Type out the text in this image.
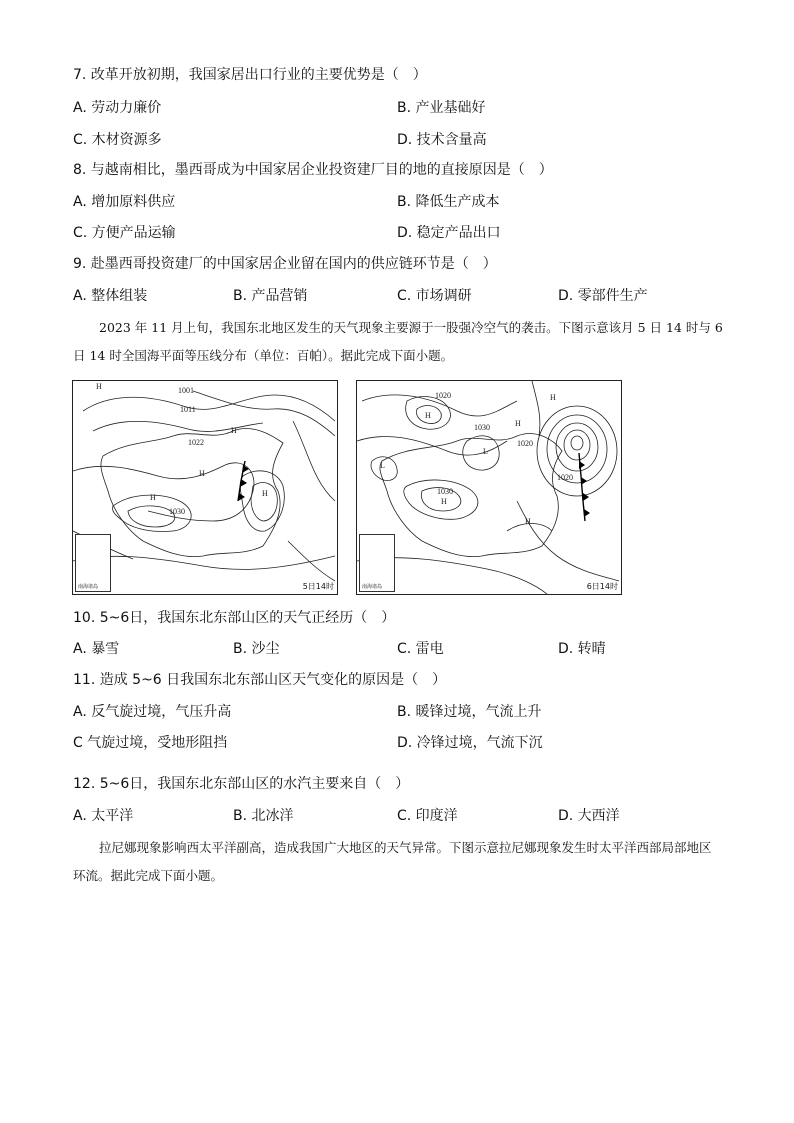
7. 改革开放初期，我国家居出口行业的主要优势是（　）
A. 劳动力廉价	B. 产业基础好
C. 木材资源多	D. 技术含量高
8. 与越南相比，墨西哥成为中国家居企业投资建厂目的地的直接原因是（　）
A. 增加原料供应	B. 降低生产成本
C. 方便产品运输	D. 稳定产品出口
9. 赴墨西哥投资建厂的中国家居企业留在国内的供应链环节是（　）
A. 整体组装	B. 产品营销	C. 市场调研	D. 零部件生产
2023 年 11 月上旬，我国东北地区发生的天气现象主要源于一股强冷空气的袭击。下图示意该月 5 日 14 时与 6 日 14 时全国海平面等压线分布（单位：百帕）。据此完成下面小题。
1001
1011
1022
1030
H
H
H
H	H
南海诸岛	5日14时
1020
1030
1020
1030
1020
H
H
H
H
L
L
H
南海诸岛	6日14时
10. 5~6日，我国东北东部山区的天气正经历（　）
A. 暴雪	B. 沙尘	C. 雷电	D. 转晴
11. 造成 5~6 日我国东北东部山区天气变化的原因是（　）
A. 反气旋过境，气压升高	B. 暖锋过境，气流上升
C 气旋过境，受地形阻挡	D. 冷锋过境，气流下沉
12. 5~6日，我国东北东部山区的水汽主要来自（　）
A. 太平洋	B. 北冰洋	C. 印度洋	D. 大西洋
拉尼娜现象影响西太平洋副高，造成我国广大地区的天气异常。下图示意拉尼娜现象发生时太平洋西部局部地区环流。据此完成下面小题。
